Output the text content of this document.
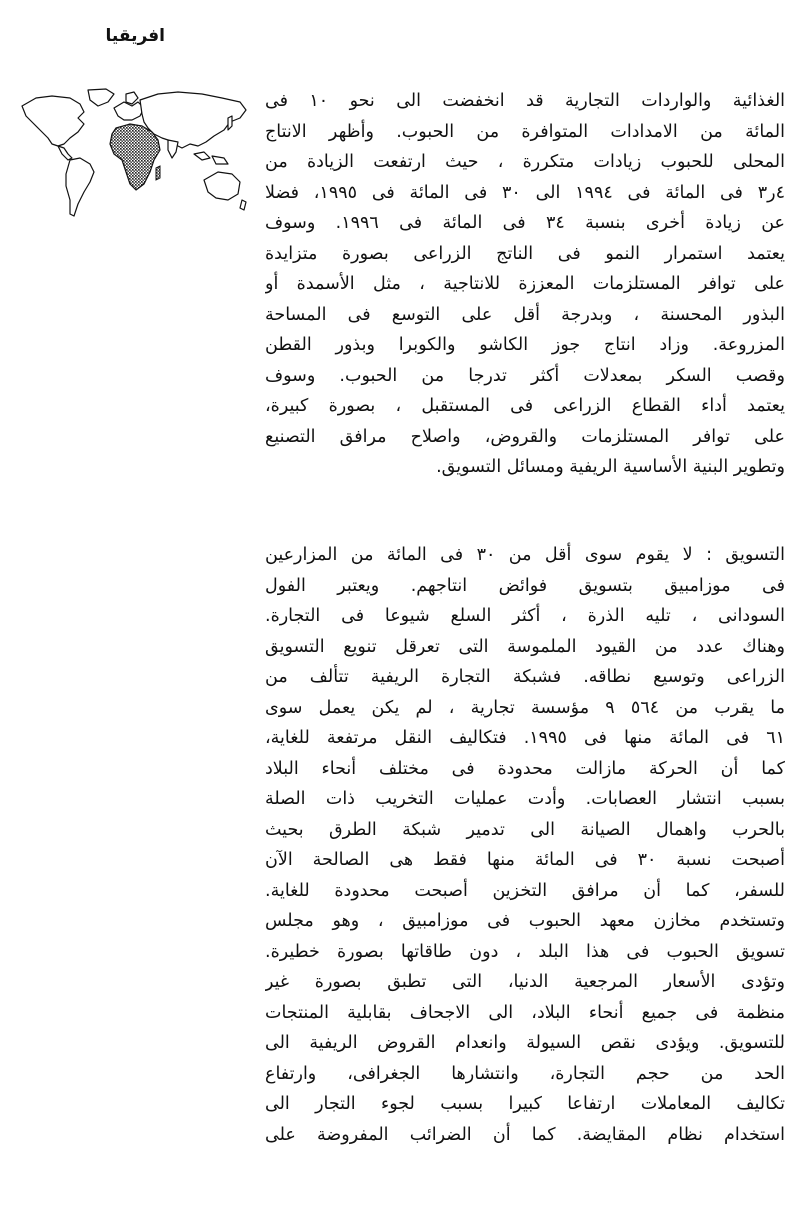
افريقيا
الغذائية والواردات التجارية قد انخفضت الى نحو ١٠ فى
المائة من الامدادات المتوافرة من الحبوب. وأظهر الانتاج
المحلى للحبوب زيادات متكررة ، حيث ارتفعت الزيادة من
٤ر٣ فى المائة فى ١٩٩٤ الى ٣٠ فى المائة فى ١٩٩٥، فضلا
عن زيادة أخرى بنسبة ٣٤ فى المائة فى ١٩٩٦. وسوف
يعتمد استمرار النمو فى الناتج الزراعى بصورة متزايدة
على توافر المستلزمات المعززة للانتاجية ، مثل الأسمدة أو
البذور المحسنة ، وبدرجة أقل على التوسع فى المساحة
المزروعة. وزاد انتاج جوز الكاشو والكوبرا وبذور القطن
وقصب السكر بمعدلات أكثر تدرجا من الحبوب. وسوف
يعتمد أداء القطاع الزراعى فى المستقبل ، بصورة كبيرة،
على توافر المستلزمات والقروض، واصلاح مرافق التصنيع
وتطوير البنية الأساسية الريفية ومسائل التسويق.
التسويق : لا يقوم سوى أقل من ٣٠ فى المائة من المزارعين
فى موزامبيق بتسويق فوائض انتاجهم. ويعتبر الفول
السودانى ، تليه الذرة ، أكثر السلع شيوعا فى التجارة.
وهناك عدد من القيود الملموسة التى تعرقل تنويع التسويق
الزراعى وتوسيع نطاقه. فشبكة التجارة الريفية تتألف من
ما يقرب من ٥٦٤ ٩ مؤسسة تجارية ، لم يكن يعمل سوى
٦١ فى المائة منها فى ١٩٩٥. فتكاليف النقل مرتفعة للغاية،
كما أن الحركة مازالت محدودة فى مختلف أنحاء البلاد
بسبب انتشار العصابات. وأدت عمليات التخريب ذات الصلة
بالحرب واهمال الصيانة الى تدمير شبكة الطرق بحيث
أصبحت نسبة ٣٠ فى المائة منها فقط هى الصالحة الآن
للسفر، كما أن مرافق التخزين أصبحت محدودة للغاية.
وتستخدم مخازن معهد الحبوب فى موزامبيق ، وهو مجلس
تسويق الحبوب فى هذا البلد ، دون طاقاتها بصورة خطيرة.
وتؤدى الأسعار المرجعية الدنيا، التى تطبق بصورة غير
منظمة فى جميع أنحاء البلاد، الى الاجحاف بقابلية المنتجات
للتسويق. ويؤدى نقص السيولة وانعدام القروض الريفية الى
الحد من حجم التجارة، وانتشارها الجغرافى، وارتفاع
تكاليف المعاملات ارتفاعا كبيرا بسبب لجوء التجار الى
استخدام نظام المقايضة. كما أن الضرائب المفروضة على
